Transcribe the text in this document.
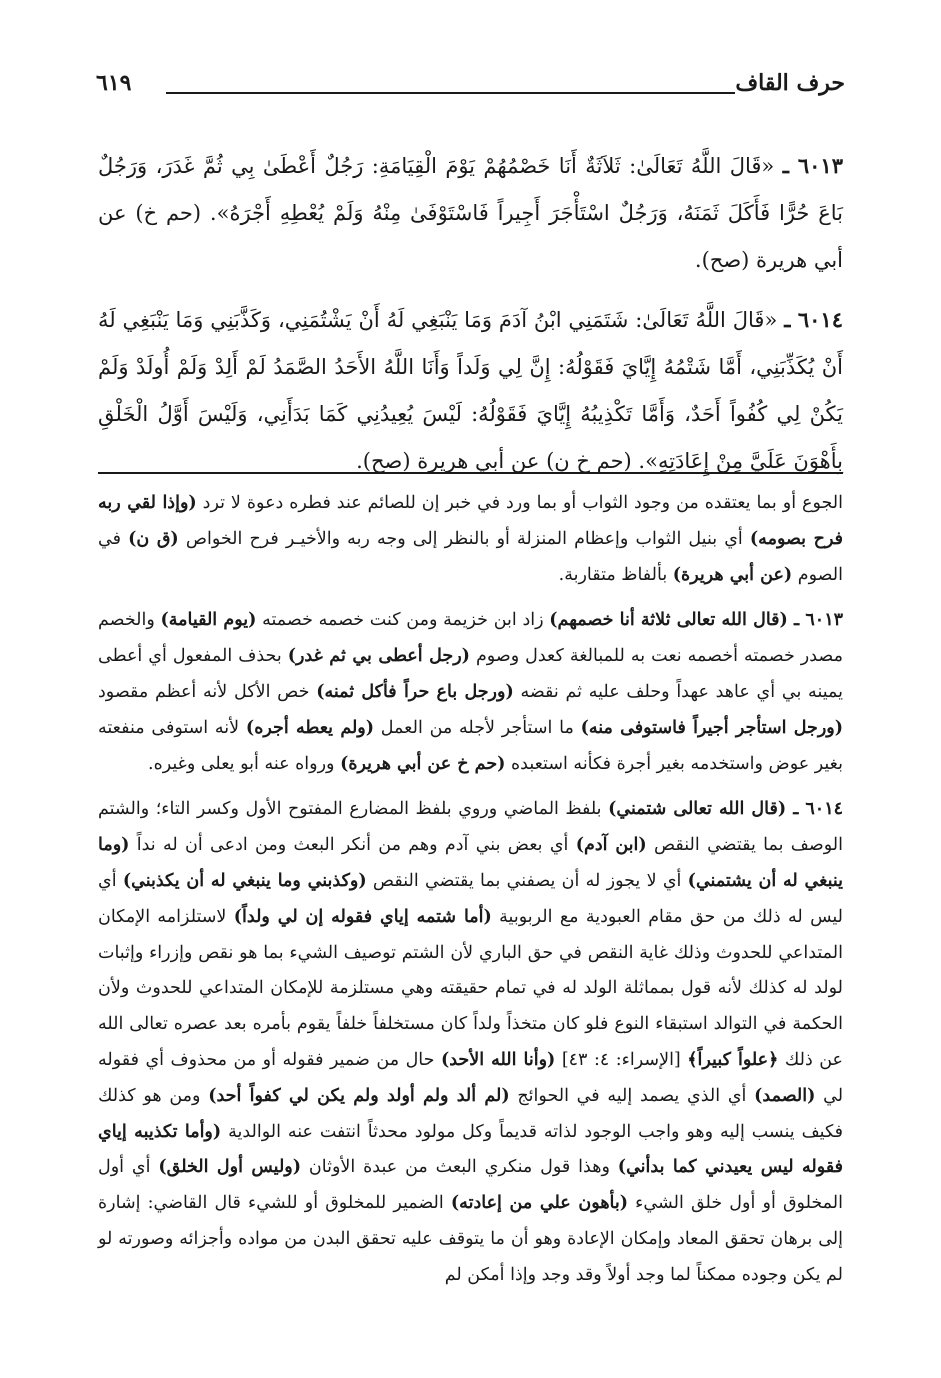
حرف القاف
٦١٩

٦٠١٣ ـ «قَالَ اللَّهُ تَعَالَىٰ: ثَلاَثَةٌ أَنَا خَصْمُهُمْ يَوْمَ الْقِيَامَةِ: رَجُلٌ أَعْطَىٰ بِي ثُمَّ غَدَرَ، وَرَجُلٌ بَاعَ حُرًّا فَأَكَلَ ثَمَنَهُ، وَرَجُلٌ اسْتَأْجَرَ أَجِيراً فَاسْتَوْفَىٰ مِنْهُ وَلَمْ يُعْطِهِ أَجْرَهُ». (حم خ) عن أبي هريرة (صح).

٦٠١٤ ـ «قَالَ اللَّهُ تَعَالَىٰ: شَتَمَنِي ابْنُ آدَمَ وَمَا يَنْبَغِي لَهُ أَنْ يَشْتُمَنِي، وَكَذَّبَنِي وَمَا يَنْبَغِي لَهُ أَنْ يُكَذِّبَنِي، أَمَّا شَتْمُهُ إِيَّايَ فَقَوْلُهُ: إِنَّ لِي وَلَداً وَأَنَا اللَّهُ الأَحَدُ الصَّمَدُ لَمْ أَلِدْ وَلَمْ أُولَدْ وَلَمْ يَكُنْ لِي كُفُواً أَحَدٌ، وَأَمَّا تَكْذِيبُهُ إِيَّايَ فَقَوْلُهُ: لَيْسَ يُعِيدُنِي كَمَا بَدَأَنِي، وَلَيْسَ أَوَّلُ الْخَلْقِ بِأَهْوَنَ عَلَيَّ مِنْ إِعَادَتِهِ». (حم خ ن) عن أبي هريرة (صح).

الجوع أو بما يعتقده من وجود الثواب أو بما ورد في خبر إن للصائم عند فطره دعوة لا ترد (وإذا لقي ربه فرح بصومه) أي بنيل الثواب وإعظام المنزلة أو بالنظر إلى وجه ربه والأخيـر فرح الخواص (ق ن) في الصوم (عن أبي هريرة) بألفاظ متقاربة.

٦٠١٣ ـ (قال الله تعالى ثلاثة أنا خصمهم) زاد ابن خزيمة ومن كنت خصمه خصمته (يوم القيامة) والخصم مصدر خصمته أخصمه نعت به للمبالغة كعدل وصوم (رجل أعطى بي ثم غدر) بحذف المفعول أي أعطى يمينه بي أي عاهد عهداً وحلف عليه ثم نقضه (ورجل باع حراً فأكل ثمنه) خص الأكل لأنه أعظم مقصود (ورجل استأجر أجيراً فاستوفى منه) ما استأجر لأجله من العمل (ولم يعطه أجره) لأنه استوفى منفعته بغير عوض واستخدمه بغير أجرة فكأنه استعبده (حم خ عن أبي هريرة) ورواه عنه أبو يعلى وغيره.

٦٠١٤ ـ (قال الله تعالى شتمني) بلفظ الماضي وروي بلفظ المضارع المفتوح الأول وكسر التاء؛ والشتم الوصف بما يقتضي النقص (ابن آدم) أي بعض بني آدم وهم من أنكر البعث ومن ادعى أن له نداً (وما ينبغي له أن يشتمني) أي لا يجوز له أن يصفني بما يقتضي النقص (وكذبني وما ينبغي له أن يكذبني) أي ليس له ذلك من حق مقام العبودية مع الربوبية (أما شتمه إياي فقوله إن لي ولداً) لاستلزامه الإمكان المتداعي للحدوث وذلك غاية النقص في حق الباري لأن الشتم توصيف الشيء بما هو نقص وإزراء وإثبات لولد له كذلك لأنه قول بمماثلة الولد له في تمام حقيقته وهي مستلزمة للإمكان المتداعي للحدوث ولأن الحكمة في التوالد استبقاء النوع فلو كان متخذاً ولداً كان مستخلفاً خلفاً يقوم بأمره بعد عصره تعالى الله عن ذلك ﴿علواً كبيراً﴾ [الإسراء: ٤: ٤٣] (وأنا الله الأحد) حال من ضمير فقوله أو من محذوف أي فقوله لي (الصمد) أي الذي يصمد إليه في الحوائج (لم ألد ولم أولد ولم يكن لي كفواً أحد) ومن هو كذلك فكيف ينسب إليه وهو واجب الوجود لذاته قديماً وكل مولود محدثاً انتفت عنه الوالدية (وأما تكذيبه إياي فقوله ليس يعيدني كما بدأني) وهذا قول منكري البعث من عبدة الأوثان (وليس أول الخلق) أي أول المخلوق أو أول خلق الشيء (بأهون علي من إعادته) الضمير للمخلوق أو للشيء قال القاضي: إشارة إلى برهان تحقق المعاد وإمكان الإعادة وهو أن ما يتوقف عليه تحقق البدن من مواده وأجزائه وصورته لو لم يكن وجوده ممكناً لما وجد أولاً وقد وجد وإذا أمكن لم
